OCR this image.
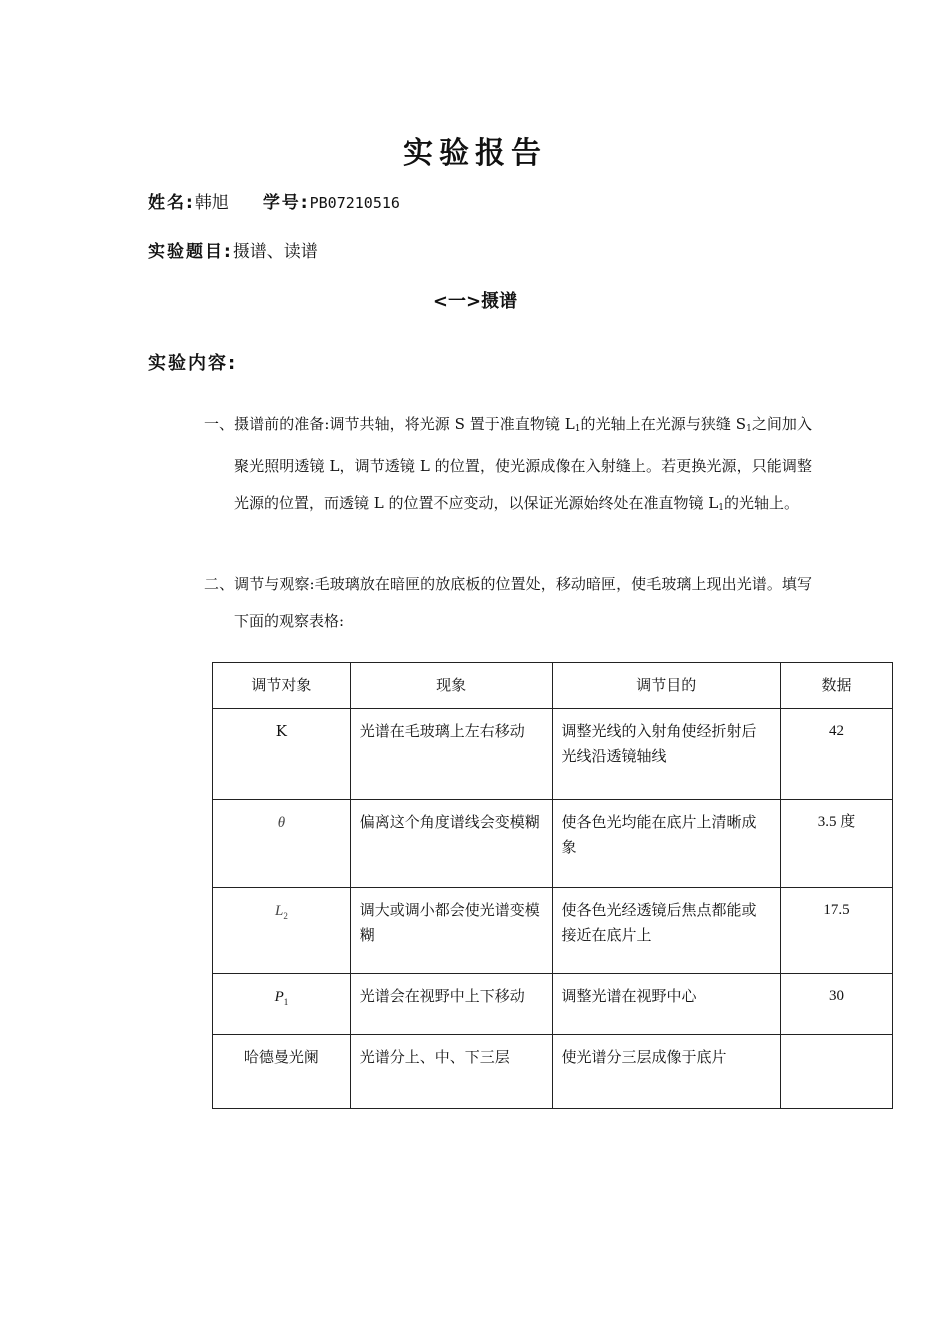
实验报告
姓名:韩旭 学号:PB07210516
实验题目:摄谱、读谱
<一>摄谱
实验内容:
一、摄谱前的准备:调节共轴，将光源 S 置于准直物镜 $L_1$的光轴上在光源与狭缝 $S_1$之间加入聚光照明透镜 L，调节透镜 L 的位置，使光源成像在入射缝上。若更换光源，只能调整光源的位置，而透镜 L 的位置不应变动，以保证光源始终处在准直物镜 $L_1$的光轴上。
二、调节与观察:毛玻璃放在暗匣的放底板的位置处，移动暗匣，使毛玻璃上现出光谱。填写下面的观察表格:
调节对象	现象	调节目的	数据
K	光谱在毛玻璃上左右移动	调整光线的入射角使经折射后光线沿透镜轴线	42
θ	偏离这个角度谱线会变模糊	使各色光均能在底片上清晰成象	3.5 度
$L_2$	调大或调小都会使光谱变模糊	使各色光经透镜后焦点都能或接近在底片上	17.5
$P_1$	光谱会在视野中上下移动	调整光谱在视野中心	30
哈德曼光阑	光谱分上、中、下三层	使光谱分三层成像于底片	
